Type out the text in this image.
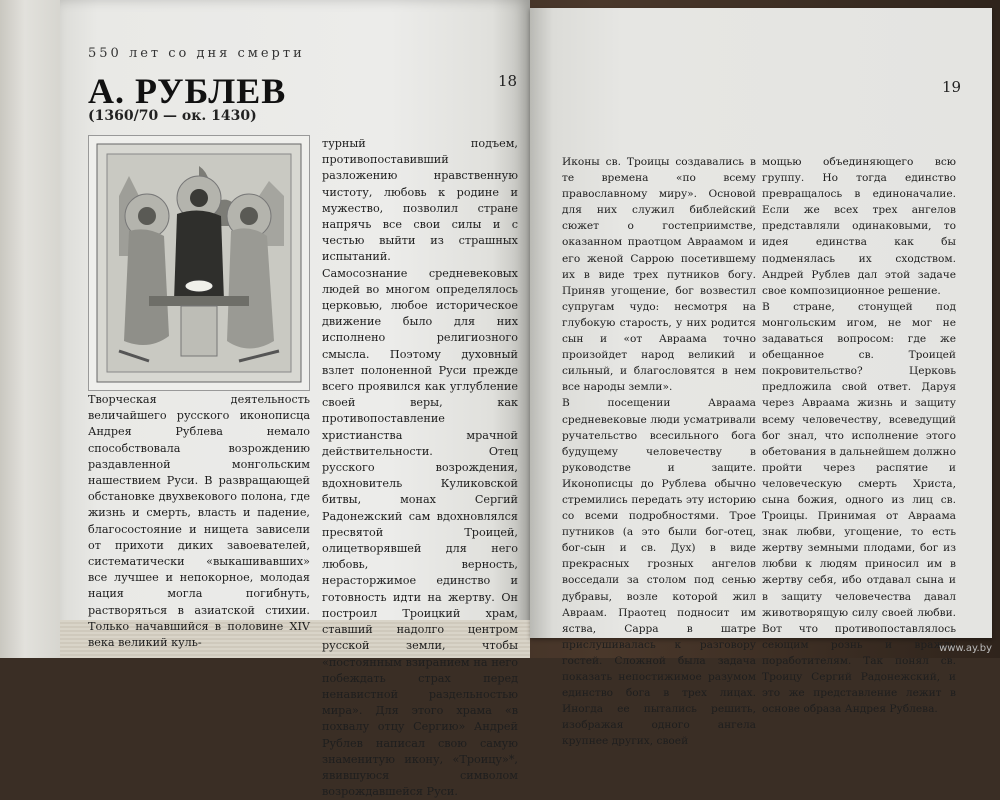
550 лет со дня смерти
18
А. РУБЛЕВ
(1360/70 — ок. 1430)
Творческая деятельность величайшего русского иконописца Андрея Рублева немало способствовала возрождению раздавленной монгольским нашествием Руси. В развращающей обстановке двухвекового полона, где жизнь и смерть, власть и падение, благосостояние и нищета зависели от прихоти диких завоевателей, систематически «выкашивавших» все лучшее и непокорное, молодая нация могла погибнуть, растворяться в азиатской стихии. Только начавшийся в половине XIV века великий куль-
турный подъем, противопоставивший разложению нравственную чистоту, любовь к родине и мужество, позволил стране напрячь все свои силы и с честью выйти из страшных испытаний.
Самосознание средневековых людей во многом определялось церковью, любое историческое движение было для них исполнено религиозного смысла. Поэтому духовный взлет полоненной Руси прежде всего проявился как углубление своей веры, как противопоставление христианства мрачной действительности. Отец русского возрождения, вдохновитель Куликовской битвы, монах Сергий Радонежский сам вдохновлялся пресвятой Троицей, олицетворявшей для него любовь, верность, нерасторжимое единство и готовность идти на жертву. Он построил Троицкий храм, ставший надолго центром русской земли, чтобы «постоянным взиранием на него побеждать страх перед ненавистной раздельностью мира». Для этого храма «в похвалу отцу Сергию» Андрей Рублев написал свою самую знаменитую икону, «Троицу»*, явившуюся символом возрождавшейся Руси.
19
Иконы св. Троицы создавались в те времена «по всему православному миру». Основой для них служил библейский сюжет о гостеприимстве, оказанном праотцом Авраамом и его женой Саррою посетившему их в виде трех путников богу. Приняв угощение, бог возвестил супругам чудо: несмотря на глубокую старость, у них родится сын и «от Авраама точно произойдет народ великий и сильный, и благословятся в нем все народы земли».
В посещении Авраама средневековые люди усматривали ручательство всесильного бога будущему человечеству в руководстве и защите. Иконописцы до Рублева обычно стремились передать эту историю со всеми подробностями. Трое путников (а это были бог-отец, бог-сын и св. Дух) в виде прекрасных грозных ангелов восседали за столом под сенью дубравы, возле которой жил Авраам. Праотец подносит им яства, Сарра в шатре прислушивалась к разговору гостей. Сложной была задача показать непостижимое разумом единство бога в трех лицах. Иногда ее пытались решить, изображая одного ангела крупнее других, своей
мощью объединяющего всю группу. Но тогда единство превращалось в единоначалие. Если же всех трех ангелов представляли одинаковыми, то идея единства как бы подменялась их сходством. Андрей Рублев дал этой задаче свое композиционное решение.
В стране, стонущей под монгольским игом, не мог не задаваться вопросом: где же обещанное св. Троицей покровительство? Церковь предложила свой ответ. Даруя через Авраама жизнь и защиту всему человечеству, всеведущий бог знал, что исполнение этого обетования в дальнейшем должно пройти через распятие и человеческую смерть Христа, сына божия, одного из лиц св. Троицы. Принимая от Авраама знак любви, угощение, то есть жертву земными плодами, бог из любви к людям приносил им в жертву себя, ибо отдавал сына и в защиту человечества давал животворящую силу своей любви. Вот что противопоставлялось сеющим рознь и вражду поработителям. Так понял св. Троицу Сергий Радонежский, и это же представление лежит в основе образа Андрея Рублева.
www.ay.by
